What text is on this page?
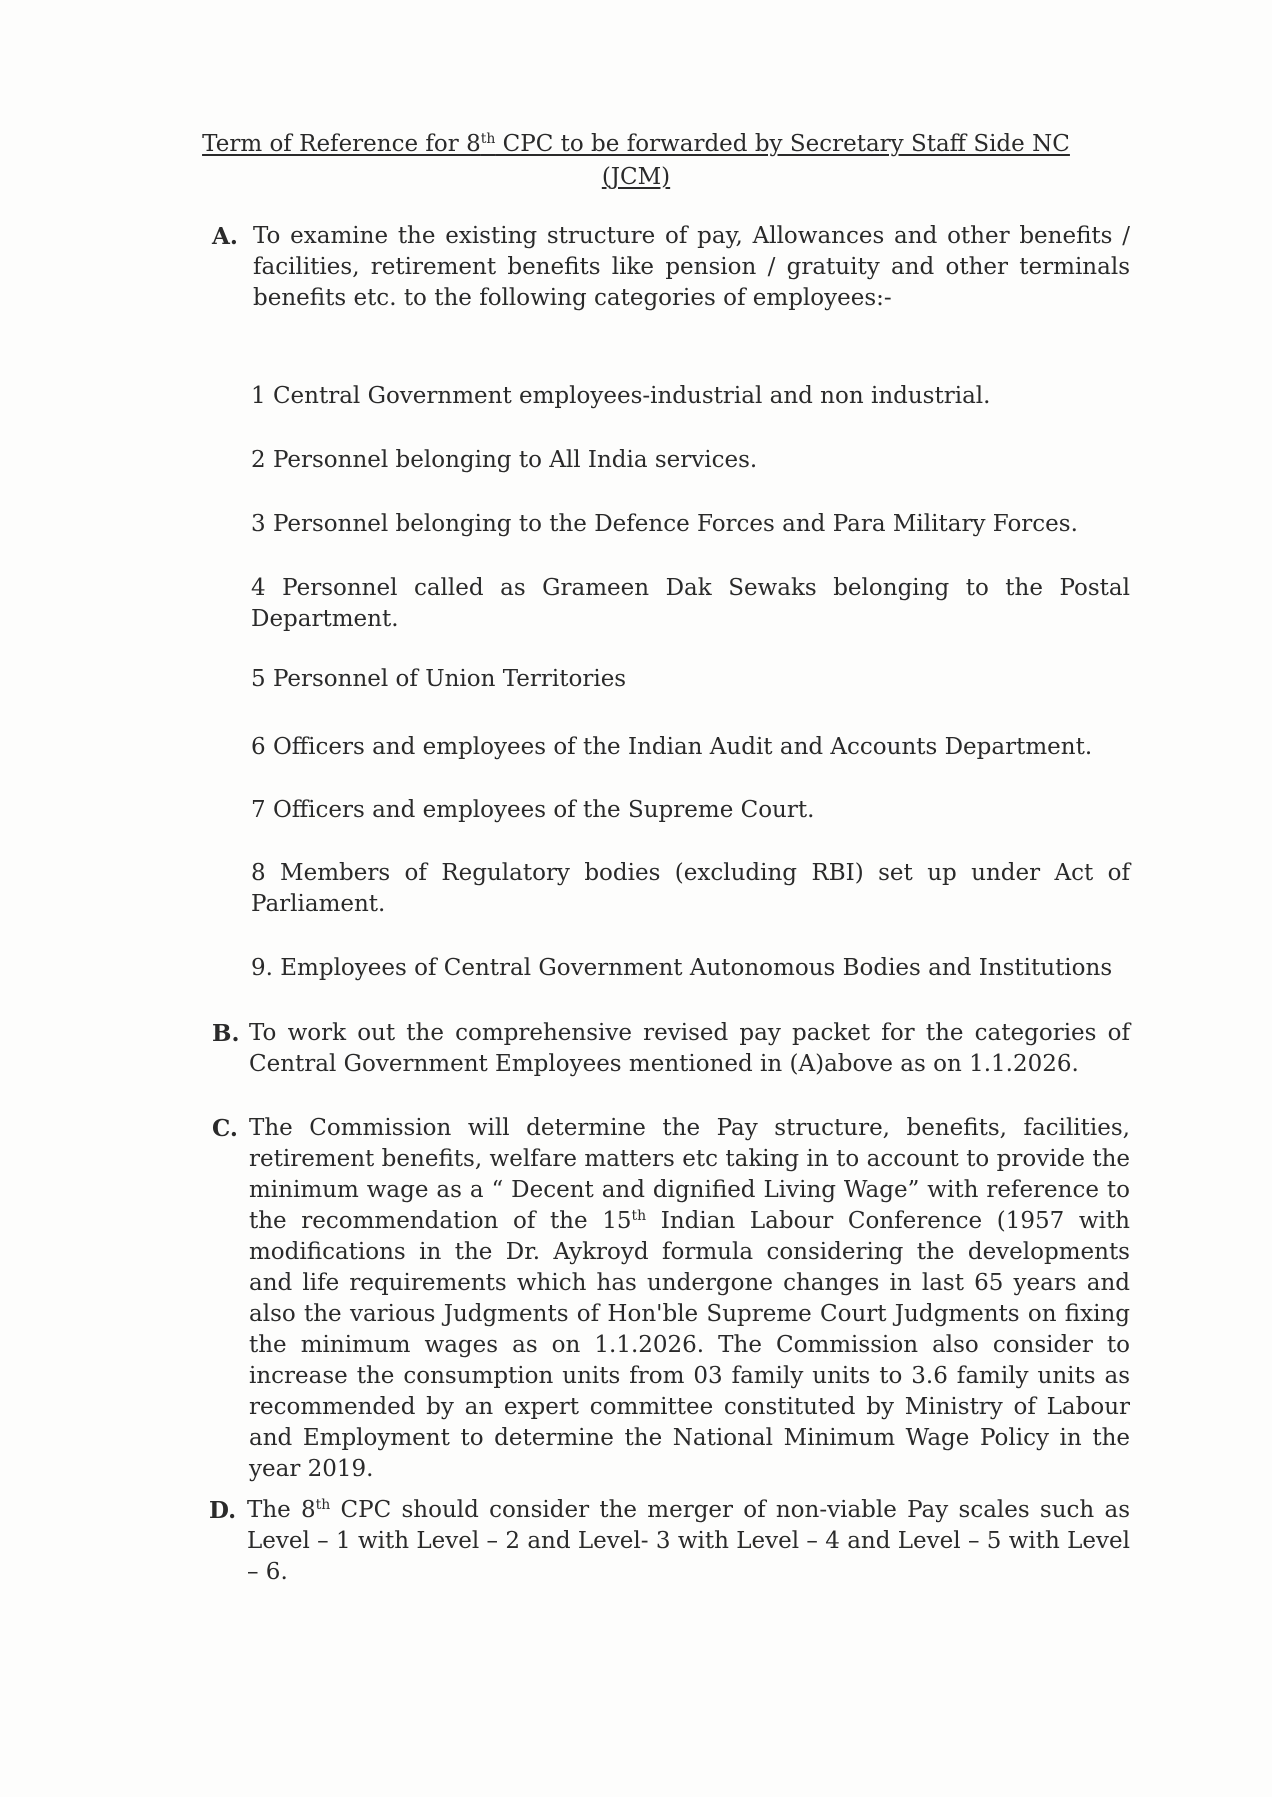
Term of Reference for 8th CPC to be forwarded by Secretary Staff Side NC
(JCM)
A. To examine the existing structure of pay, Allowances and other benefits / facilities, retirement benefits like pension / gratuity and other terminals benefits etc. to the following categories of employees:-
1 Central Government employees-industrial and non industrial.
2 Personnel belonging to All India services.
3 Personnel belonging to the Defence Forces and Para Military Forces.
4 Personnel called as Grameen Dak Sewaks belonging to the Postal Department.
5 Personnel of Union Territories
6 Officers and employees of the Indian Audit and Accounts Department.
7 Officers and employees of the Supreme Court.
8 Members of Regulatory bodies (excluding RBI) set up under Act of Parliament.
9. Employees of Central Government Autonomous Bodies and Institutions
B. To work out the comprehensive revised pay packet for the categories of Central Government Employees mentioned in (A)above as on 1.1.2026.
C. The Commission will determine the Pay structure, benefits, facilities, retirement benefits, welfare matters etc taking in to account to provide the minimum wage as a “ Decent and dignified Living Wage” with reference to the recommendation of the 15th Indian Labour Conference (1957 with modifications in the Dr. Aykroyd formula considering the developments and life requirements which has undergone changes in last 65 years and also the various Judgments of Hon'ble Supreme Court Judgments on fixing the minimum wages as on 1.1.2026. The Commission also consider to increase the consumption units from 03 family units to 3.6 family units as recommended by an expert committee constituted by Ministry of Labour and Employment to determine the National Minimum Wage Policy in the year 2019.
D. The 8th CPC should consider the merger of non-viable Pay scales such as Level – 1 with Level – 2 and Level- 3 with Level – 4 and Level – 5 with Level – 6.
